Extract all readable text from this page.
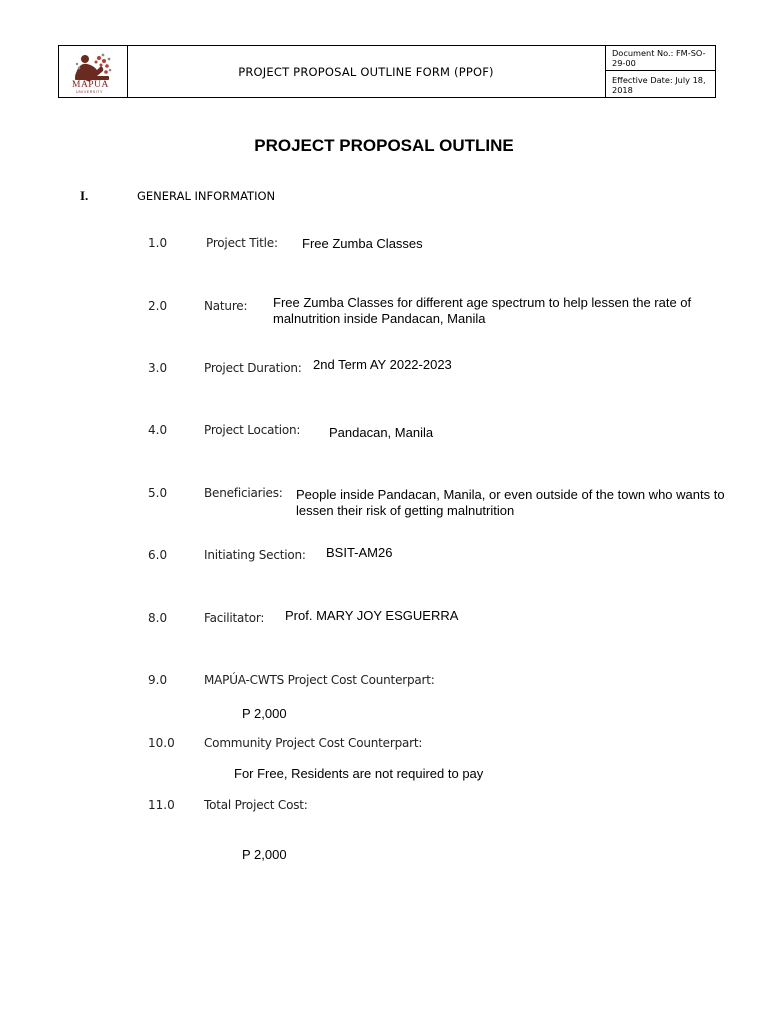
MAPÚA
UNIVERSITY
PROJECT PROPOSAL OUTLINE FORM (PPOF)
Document No.: FM-SO-29-00
Effective Date: July 18, 2018
PROJECT PROPOSAL OUTLINE
I.	GENERAL INFORMATION
1.0	Project Title: Free Zumba Classes
2.0	Nature: Free Zumba Classes for different age spectrum to help lessen the rate of
malnutrition inside Pandacan, Manila
3.0	Project Duration: 2nd Term AY 2022-2023
4.0	Project Location: Pandacan, Manila
5.0	Beneficiaries: People inside Pandacan, Manila, or even outside of the town who wants to
lessen their risk of getting malnutrition
6.0	Initiating Section: BSIT-AM26
8.0	Facilitator: Prof. MARY JOY ESGUERRA
9.0	MAPÚA-CWTS Project Cost Counterpart:
P 2,000
10.0 Community Project Cost Counterpart:
For Free, Residents are not required to pay
11.0 Total Project Cost:
P 2,000
